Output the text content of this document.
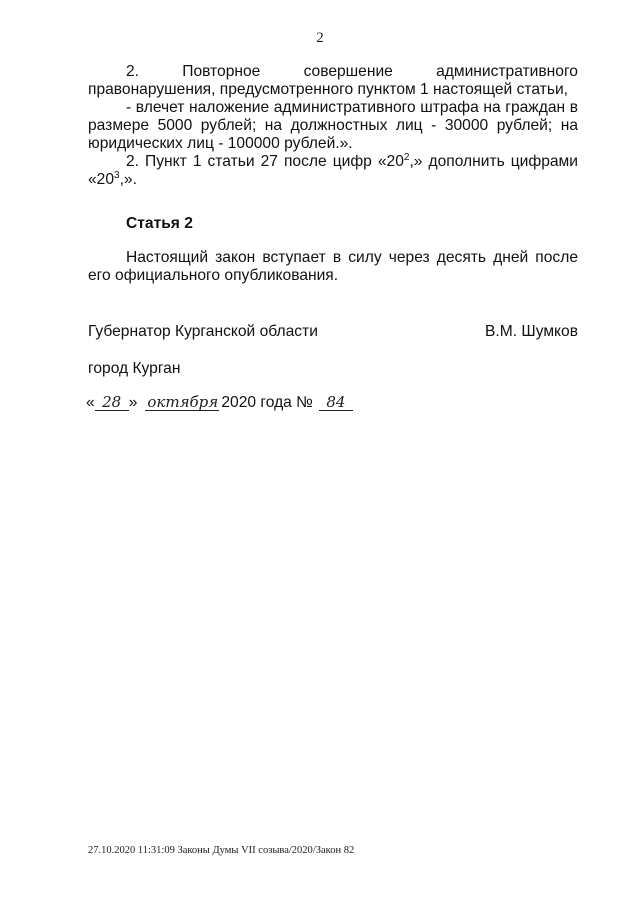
2

2. Повторное	совершение	административного

правонарушения, предусмотренного пунктом 1 настоящей статьи,

- влечет наложение административного штрафа на граждан в размере 5000 рублей; на должностных лиц - 30000 рублей; на юридических лиц - 100000 рублей.».

2. Пункт 1 статьи 27 после цифр «$20^2$,» дополнить цифрами «$20^3$,».

Статья 2

Настоящий закон вступает в силу через десять дней после его официального опубликования.

Губернатор Курганской области	В.М. Шумков
город Курган
« 28 » октября 2020 года № 84
27.10.2020 11:31:09 Законы Думы VII созыва/2020/Закон 82
